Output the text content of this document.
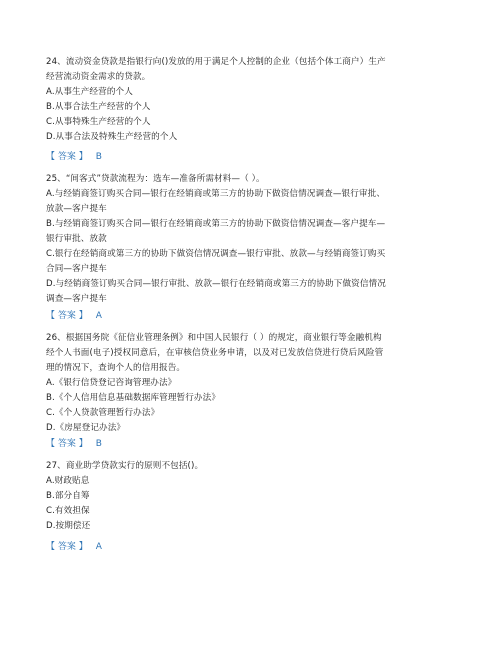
24、流动资金贷款是指银行向()发放的用于满足个人控制的企业（包括个体工商户）生产
经营流动资金需求的贷款。
A.从事生产经营的个人
B.从事合法生产经营的个人
C.从事特殊生产经营的个人
D.从事合法及特殊生产经营的个人
【 答案 】 B
25、“间客式”贷款流程为：选车—准备所需材料—（ ）。
A.与经销商签订购买合同—银行在经销商或第三方的协助下做资信情况调查—银行审批、
放款—客户提车
B.与经销商签订购买合同—银行在经销商或第三方的协助下做资信情况调查—客户提车—
银行审批、放款
C.银行在经销商或第三方的协助下做资信情况调查—银行审批、放款—与经销商签订购买
合同—客户提车
D.与经销商签订购买合同—银行审批、放款—银行在经销商或第三方的协助下做资信情况
调查—客户提车
【 答案 】 A
26、根据国务院《征信业管理条例》和中国人民银行（ ）的规定，商业银行等金融机构
经个人书面(电子)授权同意后，在审核信贷业务申请，以及对已发放信贷进行贷后风险管
理的情况下，查询个人的信用报告。
A.《银行信贷登记咨询管理办法》
B.《个人信用信息基础数据库管理暂行办法》
C.《个人贷款管理暂行办法》
D.《房屋登记办法》
【 答案 】 B
27、商业助学贷款实行的原则不包括()。
A.财政贴息
B.部分自筹
C.有效担保
D.按期偿还
【 答案 】 A
